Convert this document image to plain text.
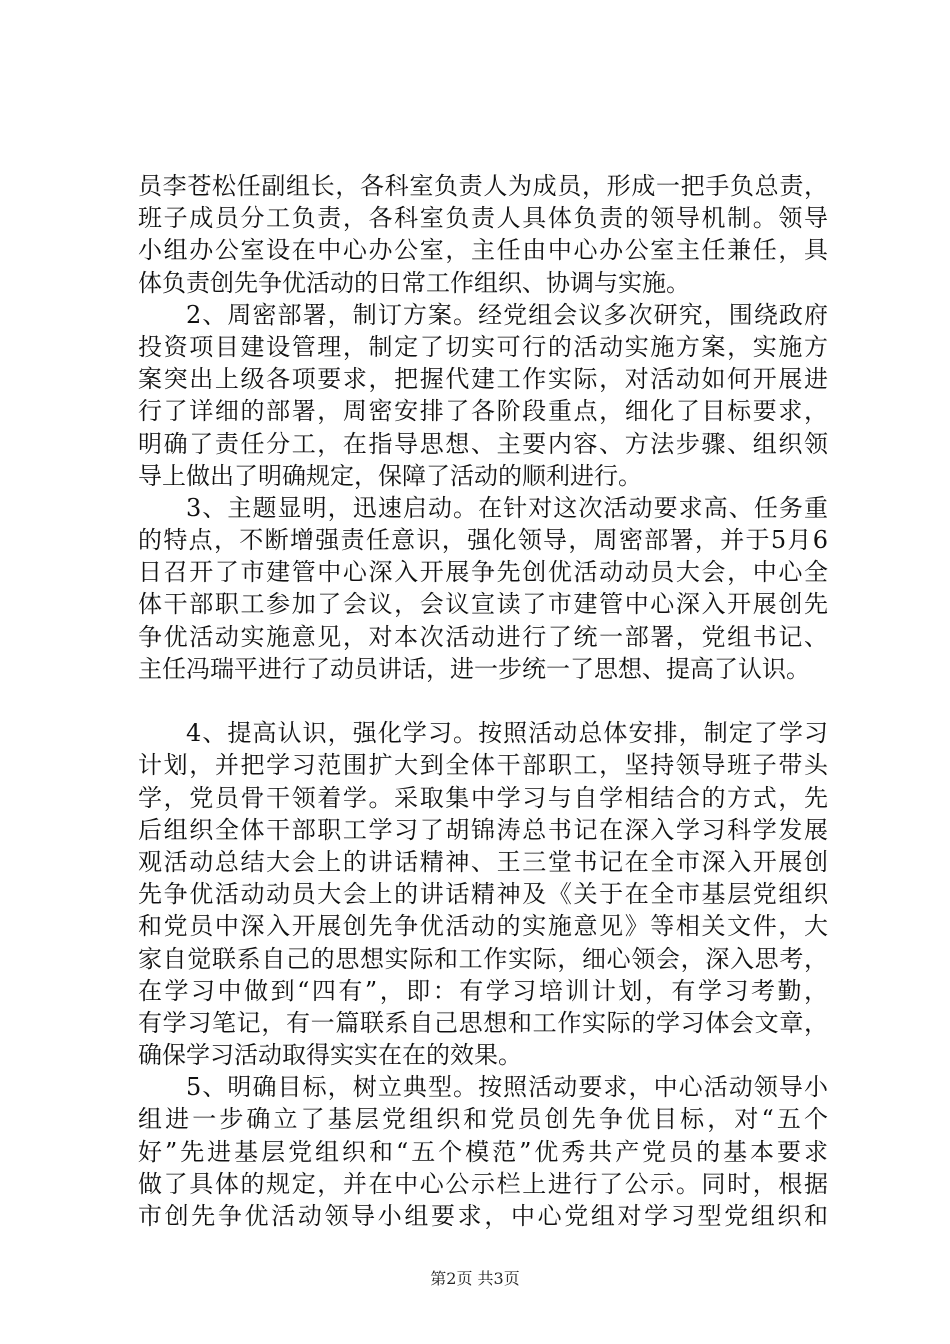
员李苍松任副组长，各科室负责人为成员，形成一把手负总责，
班子成员分工负责，各科室负责人具体负责的领导机制。领导
小组办公室设在中心办公室，主任由中心办公室主任兼任，具
体负责创先争优活动的日常工作组织、协调与实施。
2、周密部署，制订方案。经党组会议多次研究，围绕政府
投资项目建设管理，制定了切实可行的活动实施方案，实施方
案突出上级各项要求，把握代建工作实际，对活动如何开展进
行了详细的部署，周密安排了各阶段重点，细化了目标要求，
明确了责任分工，在指导思想、主要内容、方法步骤、组织领
导上做出了明确规定，保障了活动的顺利进行。
3、主题显明，迅速启动。在针对这次活动要求高、任务重
的特点，不断增强责任意识，强化领导，周密部署，并于5月6
日召开了市建管中心深入开展争先创优活动动员大会，中心全
体干部职工参加了会议，会议宣读了市建管中心深入开展创先
争优活动实施意见，对本次活动进行了统一部署，党组书记、
主任冯瑞平进行了动员讲话，进一步统一了思想、提高了认识。
4、提高认识，强化学习。按照活动总体安排，制定了学习
计划，并把学习范围扩大到全体干部职工，坚持领导班子带头
学，党员骨干领着学。采取集中学习与自学相结合的方式，先
后组织全体干部职工学习了胡锦涛总书记在深入学习科学发展
观活动总结大会上的讲话精神、王三堂书记在全市深入开展创
先争优活动动员大会上的讲话精神及《关于在全市基层党组织
和党员中深入开展创先争优活动的实施意见》等相关文件，大
家自觉联系自己的思想实际和工作实际，细心领会，深入思考，
在学习中做到“四有”，即：有学习培训计划，有学习考勤，
有学习笔记，有一篇联系自己思想和工作实际的学习体会文章，
确保学习活动取得实实在在的效果。
5、明确目标，树立典型。按照活动要求，中心活动领导小
组进一步确立了基层党组织和党员创先争优目标，对“五个
好”先进基层党组织和“五个模范”优秀共产党员的基本要求
做了具体的规定，并在中心公示栏上进行了公示。同时，根据
市创先争优活动领导小组要求，中心党组对学习型党组织和
第2页 共3页
